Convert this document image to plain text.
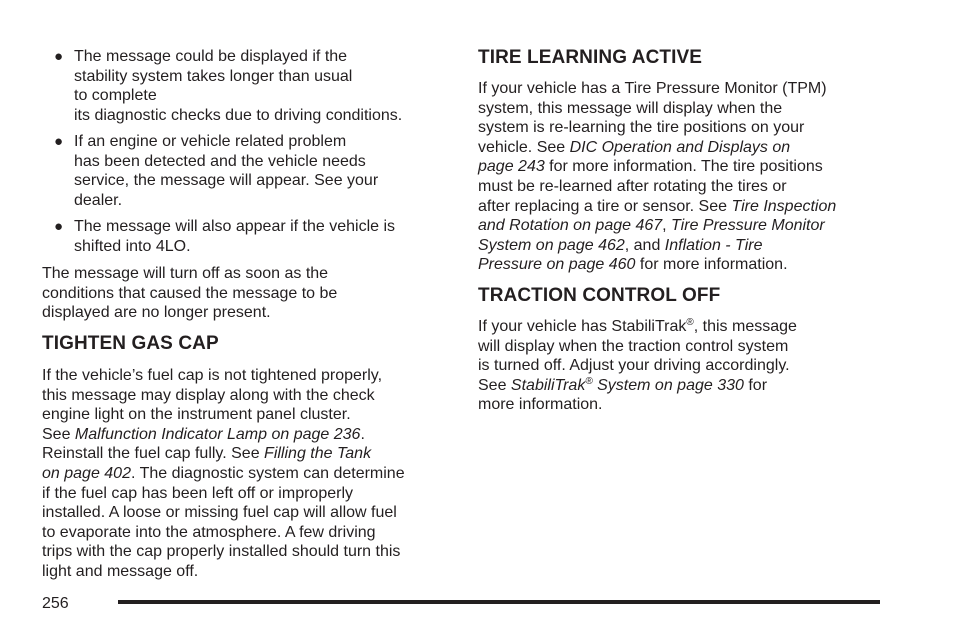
● The message could be displayed if the
stability system takes longer than usual
to complete
its diagnostic checks due to driving conditions.
● If an engine or vehicle related problem
has been detected and the vehicle needs
service, the message will appear. See your
dealer.
● The message will also appear if the vehicle is
shifted into 4LO.
The message will turn off as soon as the
conditions that caused the message to be
displayed are no longer present.
TIGHTEN GAS CAP
If the vehicle’s fuel cap is not tightened properly,
this message may display along with the check
engine light on the instrument panel cluster.
See Malfunction Indicator Lamp on page 236.
Reinstall the fuel cap fully. See Filling the Tank
on page 402. The diagnostic system can determine
if the fuel cap has been left off or improperly
installed. A loose or missing fuel cap will allow fuel
to evaporate into the atmosphere. A few driving
trips with the cap properly installed should turn this
light and message off.
TIRE LEARNING ACTIVE
If your vehicle has a Tire Pressure Monitor (TPM)
system, this message will display when the
system is re-learning the tire positions on your
vehicle. See DIC Operation and Displays on
page 243 for more information. The tire positions
must be re-learned after rotating the tires or
after replacing a tire or sensor. See Tire Inspection
and Rotation on page 467, Tire Pressure Monitor
System on page 462, and Inflation - Tire
Pressure on page 460 for more information.
TRACTION CONTROL OFF
If your vehicle has StabiliTrak®, this message
will display when the traction control system
is turned off. Adjust your driving accordingly.
See StabiliTrak® System on page 330 for
more information.
256
